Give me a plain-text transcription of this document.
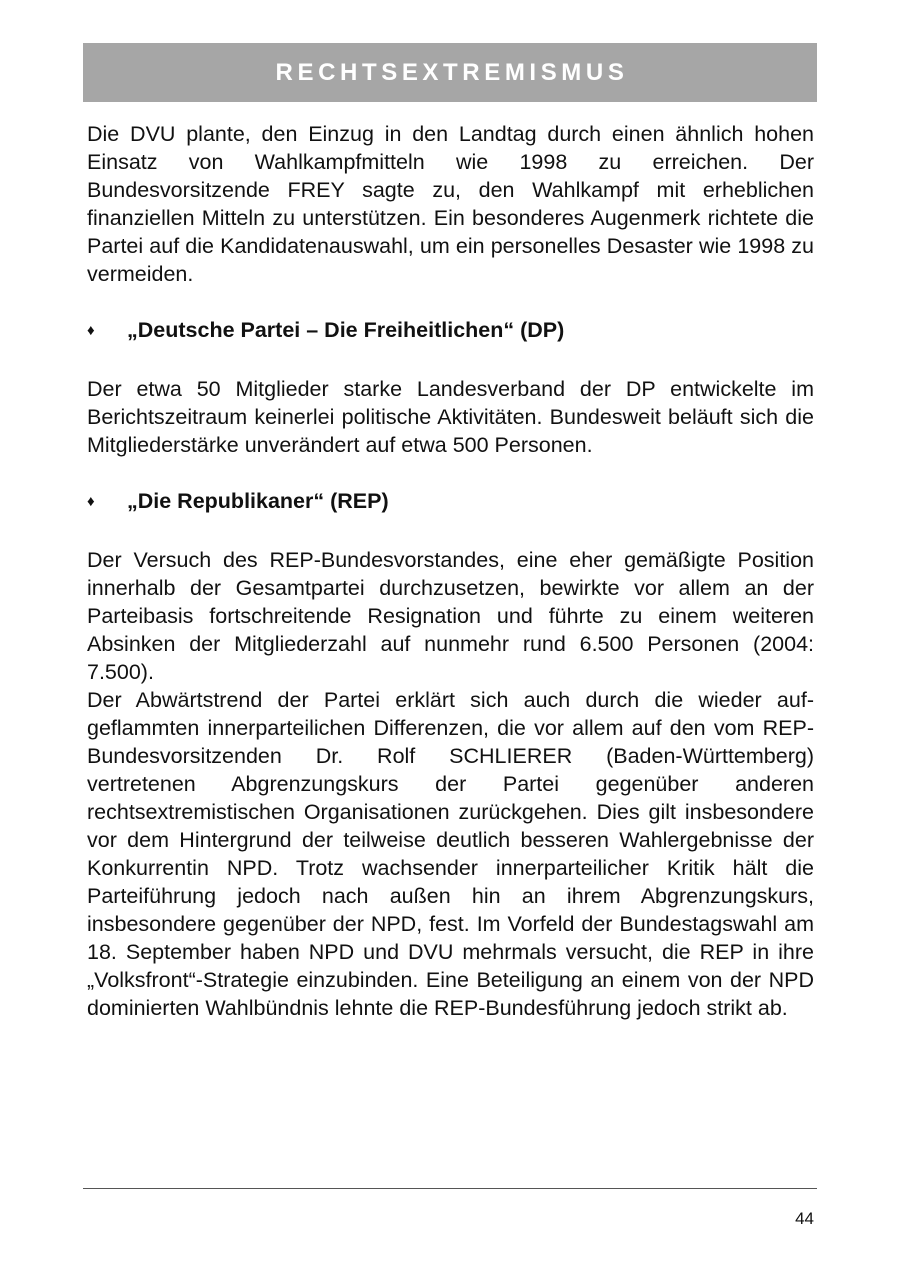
RECHTSEXTREMISMUS

Die DVU plante, den Einzug in den Landtag durch einen ähnlich hohen Einsatz von Wahlkampfmitteln wie 1998 zu erreichen. Der Bundesvorsitzende FREY sagte zu, den Wahlkampf mit erheblichen finanziellen Mitteln zu unterstützen. Ein besonderes Augenmerk richtete die Partei auf die Kandidatenauswahl, um ein personelles Desaster wie 1998 zu vermeiden.

♦	„Deutsche Partei – Die Freiheitlichen“ (DP)

Der etwa 50 Mitglieder starke Landesverband der DP entwickelte im Berichtszeitraum keinerlei politische Aktivitäten. Bundesweit beläuft sich die Mitgliederstärke unverändert auf etwa 500 Personen.

♦	„Die Republikaner“ (REP)

Der Versuch des REP-Bundesvorstandes, eine eher gemäßigte Position innerhalb der Gesamtpartei durchzusetzen, bewirkte vor allem an der Parteibasis fortschreitende Resignation und führte zu einem weiteren Absinken der Mitgliederzahl auf nunmehr rund 6.500 Personen (2004: 7.500).

Der Abwärtstrend der Partei erklärt sich auch durch die wieder aufgeflammten innerparteilichen Differenzen, die vor allem auf den vom REP-Bundesvorsitzenden Dr. Rolf SCHLIERER (Baden-Württemberg) vertretenen Abgrenzungskurs der Partei gegenüber anderen rechtsextremistischen Organisationen zurückgehen. Dies gilt insbesondere vor dem Hintergrund der teilweise deutlich besseren Wahlergebnisse der Konkurrentin NPD. Trotz wachsender innerparteilicher Kritik hält die Parteiführung jedoch nach außen hin an ihrem Abgrenzungskurs, insbesondere gegenüber der NPD, fest. Im Vorfeld der Bundestagswahl am 18. September haben NPD und DVU mehrmals versucht, die REP in ihre „Volksfront“-Strategie einzubinden. Eine Beteiligung an einem von der NPD dominierten Wahlbündnis lehnte die REP-Bundesführung jedoch strikt ab.

44
